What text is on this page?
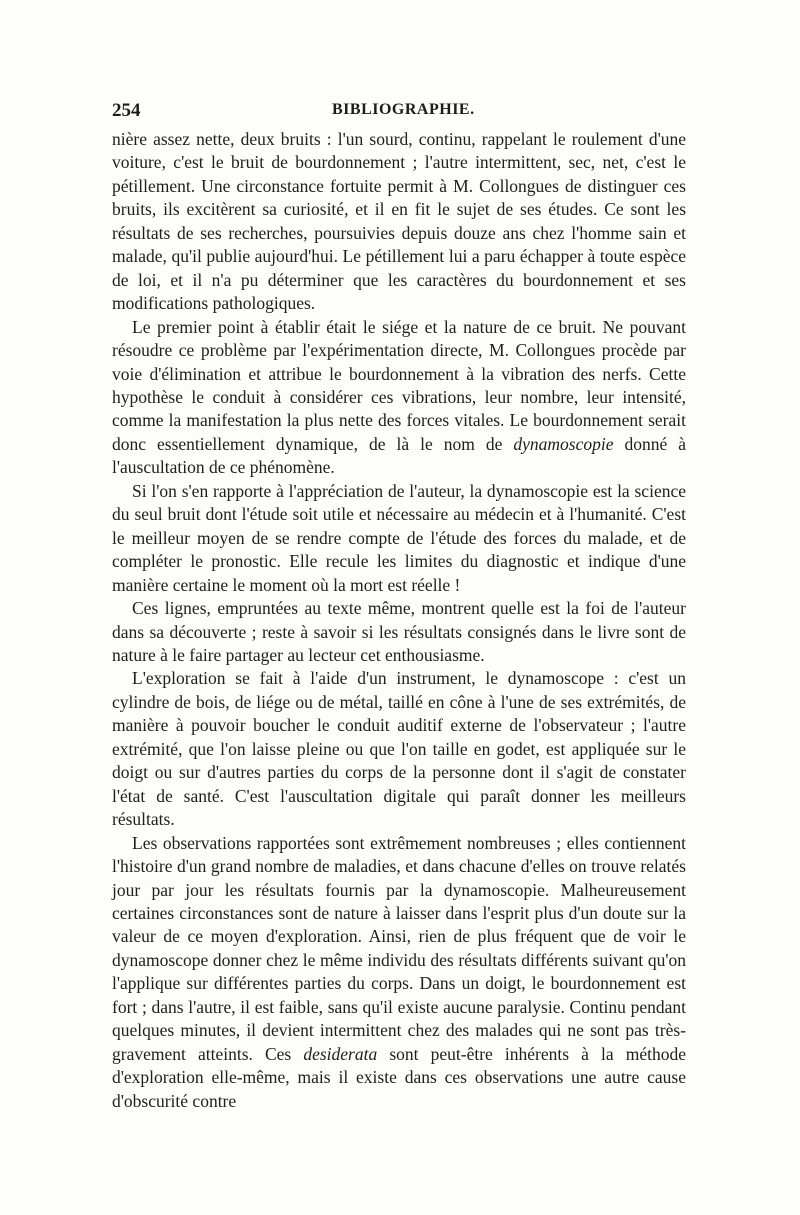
254	BIBLIOGRAPHIE.

nière assez nette, deux bruits : l'un sourd, continu, rappelant le roulement d'une voiture, c'est le bruit de bourdonnement ; l'autre intermittent, sec, net, c'est le pétillement. Une circonstance fortuite permit à M. Collongues de distinguer ces bruits, ils excitèrent sa curiosité, et il en fit le sujet de ses études. Ce sont les résultats de ses recherches, poursuivies depuis douze ans chez l'homme sain et malade, qu'il publie aujourd'hui. Le pétillement lui a paru échapper à toute espèce de loi, et il n'a pu déterminer que les caractères du bourdonnement et ses modifications pathologiques.

Le premier point à établir était le siége et la nature de ce bruit. Ne pouvant résoudre ce problème par l'expérimentation directe, M. Collongues procède par voie d'élimination et attribue le bourdonnement à la vibration des nerfs. Cette hypothèse le conduit à considérer ces vibrations, leur nombre, leur intensité, comme la manifestation la plus nette des forces vitales. Le bourdonnement serait donc essentiellement dynamique, de là le nom de dynamoscopie donné à l'auscultation de ce phénomène.

Si l'on s'en rapporte à l'appréciation de l'auteur, la dynamoscopie est la science du seul bruit dont l'étude soit utile et nécessaire au médecin et à l'humanité. C'est le meilleur moyen de se rendre compte de l'étude des forces du malade, et de compléter le pronostic. Elle recule les limites du diagnostic et indique d'une manière certaine le moment où la mort est réelle !

Ces lignes, empruntées au texte même, montrent quelle est la foi de l'auteur dans sa découverte ; reste à savoir si les résultats consignés dans le livre sont de nature à le faire partager au lecteur cet enthousiasme.

L'exploration se fait à l'aide d'un instrument, le dynamoscope : c'est un cylindre de bois, de liége ou de métal, taillé en cône à l'une de ses extrémités, de manière à pouvoir boucher le conduit auditif externe de l'observateur ; l'autre extrémité, que l'on laisse pleine ou que l'on taille en godet, est appliquée sur le doigt ou sur d'autres parties du corps de la personne dont il s'agit de constater l'état de santé. C'est l'auscultation digitale qui paraît donner les meilleurs résultats.

Les observations rapportées sont extrêmement nombreuses ; elles contiennent l'histoire d'un grand nombre de maladies, et dans chacune d'elles on trouve relatés jour par jour les résultats fournis par la dynamoscopie. Malheureusement certaines circonstances sont de nature à laisser dans l'esprit plus d'un doute sur la valeur de ce moyen d'exploration. Ainsi, rien de plus fréquent que de voir le dynamoscope donner chez le même individu des résultats différents suivant qu'on l'applique sur différentes parties du corps. Dans un doigt, le bourdonnement est fort ; dans l'autre, il est faible, sans qu'il existe aucune paralysie. Continu pendant quelques minutes, il devient intermittent chez des malades qui ne sont pas très-gravement atteints. Ces desiderata sont peut-être inhérents à la méthode d'exploration elle-même, mais il existe dans ces observations une autre cause d'obscurité contre
